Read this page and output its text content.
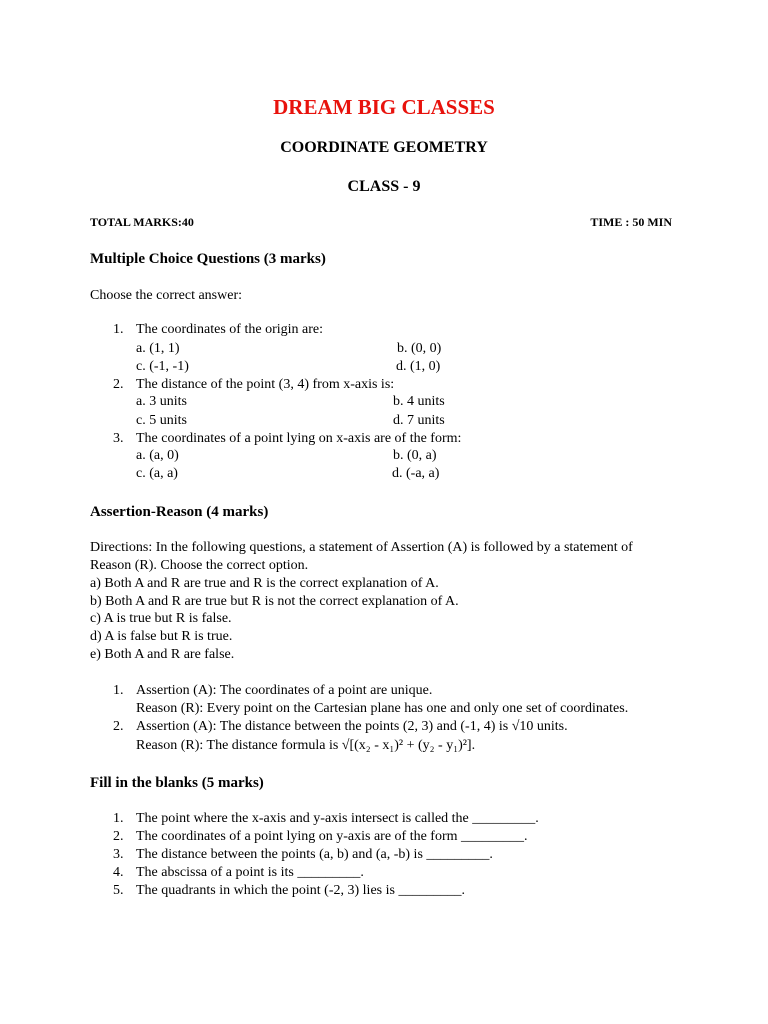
DREAM BIG CLASSES
COORDINATE GEOMETRY
CLASS - 9
TOTAL MARKS:40	TIME : 50 MIN
Multiple Choice Questions (3 marks)
Choose the correct answer:
1. The coordinates of the origin are:
a. (1, 1)	b. (0, 0)
c. (-1, -1)	d. (1, 0)
2. The distance of the point (3, 4) from x-axis is:
a. 3 units	b. 4 units
c. 5 units	d. 7 units
3. The coordinates of a point lying on x-axis are of the form:
a. (a, 0)	b. (0, a)
c. (a, a)	d. (-a, a)
Assertion-Reason (4 marks)
Directions: In the following questions, a statement of Assertion (A) is followed by a statement of
Reason (R). Choose the correct option.
a) Both A and R are true and R is the correct explanation of A.
b) Both A and R are true but R is not the correct explanation of A.
c) A is true but R is false.
d) A is false but R is true.
e) Both A and R are false.
1. Assertion (A): The coordinates of a point are unique.
Reason (R): Every point on the Cartesian plane has one and only one set of coordinates.
2. Assertion (A): The distance between the points (2, 3) and (-1, 4) is √10 units.
Reason (R): The distance formula is √[(x₂ - x₁)² + (y₂ - y₁)²].
Fill in the blanks (5 marks)
1. The point where the x-axis and y-axis intersect is called the _________.
2. The coordinates of a point lying on y-axis are of the form _________.
3. The distance between the points (a, b) and (a, -b) is _________.
4. The abscissa of a point is its _________.
5. The quadrants in which the point (-2, 3) lies is _________.
